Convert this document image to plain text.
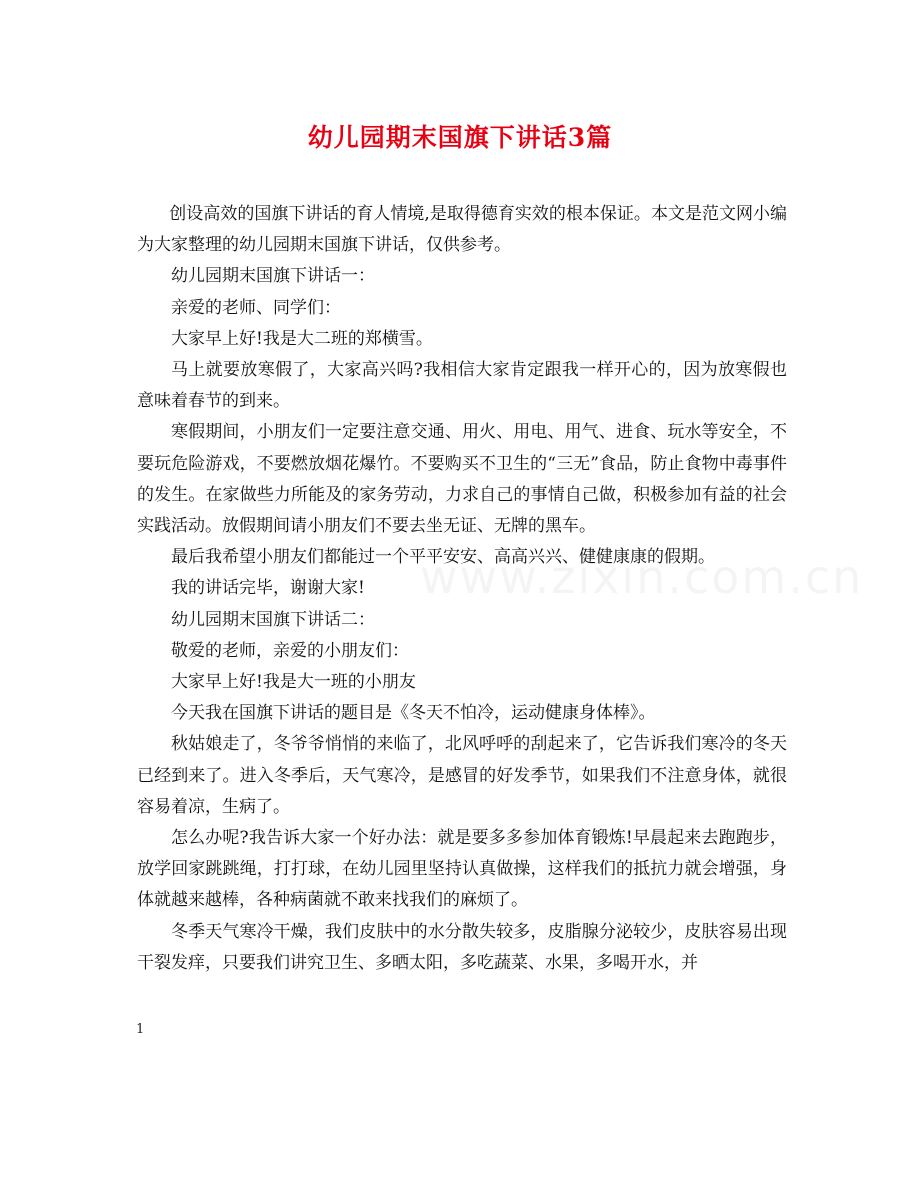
幼儿园期末国旗下讲话3篇

创设高效的国旗下讲话的育人情境,是取得德育实效的根本保证。本文是范文网小编为大家整理的幼儿园期末国旗下讲话，仅供参考。

幼儿园期末国旗下讲话一：

亲爱的老师、同学们：

大家早上好!我是大二班的郑横雪。

马上就要放寒假了，大家高兴吗?我相信大家肯定跟我一样开心的，因为放寒假也意味着春节的到来。

寒假期间，小朋友们一定要注意交通、用火、用电、用气、进食、玩水等安全，不要玩危险游戏，不要燃放烟花爆竹。不要购买不卫生的“三无”食品，防止食物中毒事件的发生。在家做些力所能及的家务劳动，力求自己的事情自己做，积极参加有益的社会实践活动。放假期间请小朋友们不要去坐无证、无牌的黑车。

最后我希望小朋友们都能过一个平平安安、高高兴兴、健健康康的假期。

我的讲话完毕，谢谢大家!

幼儿园期末国旗下讲话二：

敬爱的老师，亲爱的小朋友们：

大家早上好!我是大一班的小朋友

今天我在国旗下讲话的题目是《冬天不怕冷，运动健康身体棒》。

秋姑娘走了，冬爷爷悄悄的来临了，北风呼呼的刮起来了，它告诉我们寒冷的冬天已经到来了。进入冬季后，天气寒冷，是感冒的好发季节，如果我们不注意身体，就很容易着凉，生病了。

怎么办呢?我告诉大家一个好办法：就是要多多参加体育锻炼!早晨起来去跑跑步，放学回家跳跳绳，打打球，在幼儿园里坚持认真做操，这样我们的抵抗力就会增强，身体就越来越棒，各种病菌就不敢来找我们的麻烦了。

冬季天气寒冷干燥，我们皮肤中的水分散失较多，皮脂腺分泌较少，皮肤容易出现干裂发痒，只要我们讲究卫生、多晒太阳，多吃蔬菜、水果，多喝开水，并

1
